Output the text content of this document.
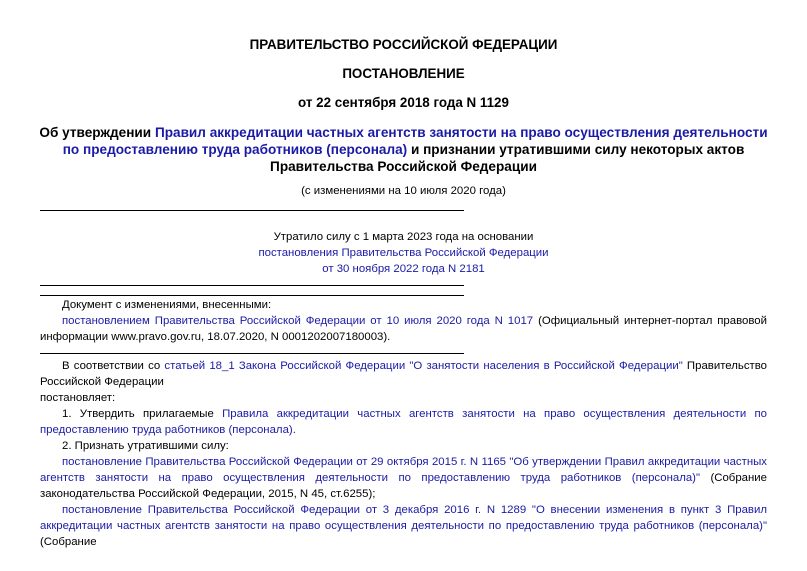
ПРАВИТЕЛЬСТВО РОССИЙСКОЙ ФЕДЕРАЦИИ
ПОСТАНОВЛЕНИЕ
от 22 сентября 2018 года N 1129
Об утверждении Правил аккредитации частных агентств занятости на право осуществления деятельности
по предоставлению труда работников (персонала) и признании утратившими силу некоторых актов
Правительства Российской Федерации
(с изменениями на 10 июля 2020 года)
Утратило силу с 1 марта 2023 года на основании
постановления Правительства Российской Федерации
от 30 ноября 2022 года N 2181
Документ с изменениями, внесенными:
постановлением Правительства Российской Федерации от 10 июля 2020 года N 1017 (Официальный интернет-портал правовой
информации www.pravo.gov.ru, 18.07.2020, N 0001202007180003).
В соответствии со статьей 18_1 Закона Российской Федерации "О занятости населения в Российской Федерации" Правительство Российской Федерации
постановляет:
1. Утвердить прилагаемые Правила аккредитации частных агентств занятости на право осуществления деятельности по предоставлению труда работников (персонала).
2. Признать утратившими силу:
постановление Правительства Российской Федерации от 29 октября 2015 г. N 1165 "Об утверждении Правил аккредитации частных агентств занятости на право осуществления деятельности по предоставлению труда работников (персонала)" (Собрание законодательства Российской Федерации, 2015, N 45, ст.6255);
постановление Правительства Российской Федерации от 3 декабря 2016 г. N 1289 "О внесении изменения в пункт 3 Правил аккредитации частных агентств занятости на право осуществления деятельности по предоставлению труда работников (персонала)" (Собрание
